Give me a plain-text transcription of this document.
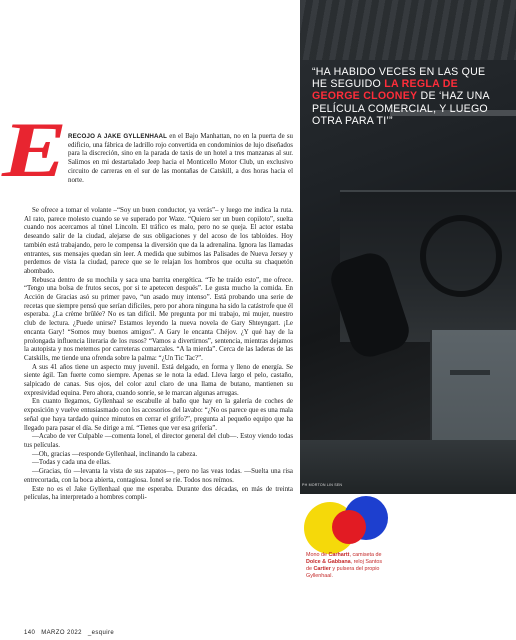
“HA HABIDO VECES EN LAS QUE HE SEGUIDO LA REGLA DE GEORGE CLOONEY DE ‘HAZ UNA PELÍCULA COMERCIAL, Y LUEGO OTRA PARA TI’”
PH MORTON LIN SEN
Mono de Carhartt, camiseta de Dolce & Gabbana, reloj Santos de Cartier y pulsera del propio Gyllenhaal.
E RECOJO A JAKE GYLLENHAAL en el Bajo Manhattan, no en la puerta de su edificio, una fábrica de ladrillo rojo convertida en condominios de lujo diseñados para la discreción, sino en la parada de taxis de un hotel a tres manzanas al sur. Salimos en mi destartalado Jeep hacia el Monticello Motor Club, un exclusivo circuito de carreras en el sur de las montañas de Catskill, a dos horas hacia el norte.

Se ofrece a tomar el volante –“Soy un buen conductor, ya verás”– y luego me indica la ruta. Al rato, parece molesto cuando se ve superado por Waze. “Quiero ser un buen copiloto”, suelta cuando nos acercamos al túnel Lincoln. El tráfico es malo, pero no se queja. El actor estaba deseando salir de la ciudad, alejarse de sus obligaciones y del acoso de los tabloides. Hoy también está trabajando, pero le compensa la diversión que da la adrenalina. Ignora las llamadas entrantes, sus mensajes quedan sin leer. A medida que subimos las Palisades de Nueva Jersey y perdemos de vista la ciudad, parece que se le relajan los hombros que oculta su chaquetón abombado.

Rebusca dentro de su mochila y saca una barrita energética. “Te he traído esto”, me ofrece. “Tengo una bolsa de frutos secos, por si te apetecen después”. Le gusta mucho la comida. En Acción de Gracias asó su primer pavo, “un asado muy intenso”. Está probando una serie de recetas que siempre pensó que serían difíciles, pero por ahora ninguna ha sido la catástrofe que él esperaba. ¿La crème brûlée? No es tan difícil. Me pregunta por mi trabajo, mi mujer, nuestro club de lectura. ¿Puede unirse? Estamos leyendo la nueva novela de Gary Shteyngart. ¡Le encanta Gary! “Somos muy buenos amigos”. A Gary le encanta Chéjov. ¿Y qué hay de la prolongada influencia literaria de los rusos? “Vamos a divertirnos”, sentencia, mientras dejamos la autopista y nos metemos por carreteras comarcales. “A la mierda”. Cerca de las laderas de las Catskills, me tiende una ofrenda sobre la palma: “¿Un Tic Tac?”.

A sus 41 años tiene un aspecto muy juvenil. Está delgado, en forma y lleno de energía. Se siente ágil. Tan fuerte como siempre. Apenas se le nota la edad. Lleva largo el pelo, castaño, salpicado de canas. Sus ojos, del color azul claro de una llama de butano, mantienen su expresividad equina. Pero ahora, cuando sonríe, se le marcan algunas arrugas.

En cuanto llegamos, Gyllenhaal se escabulle al baño que hay en la galería de coches de exposición y vuelve entusiasmado con los accesorios del lavabo: “¿No os parece que es una mala señal que haya tardado quince minutos en cerrar el grifo?”, pregunta al pequeño equipo que ha llegado para pasar el día. Se dirige a mí. “Tienes que ver esa grifería”.

—Acabo de ver Culpable —comenta Ionel, el director general del club—. Estoy viendo todas tus películas.

—Oh, gracias —responde Gyllenhaal, inclinando la cabeza.

—Todas y cada una de ellas.

—Gracias, tío —levanta la vista de sus zapatos—, pero no las veas todas. —Suelta una risa entrecortada, con la boca abierta, contagiosa. Ionel se ríe. Todos nos reímos.

Este no es el Jake Gyllenhaal que me esperaba. Durante dos décadas, en más de treinta películas, ha interpretado a hombres compli-

140 MARZO 2022 _esquire
